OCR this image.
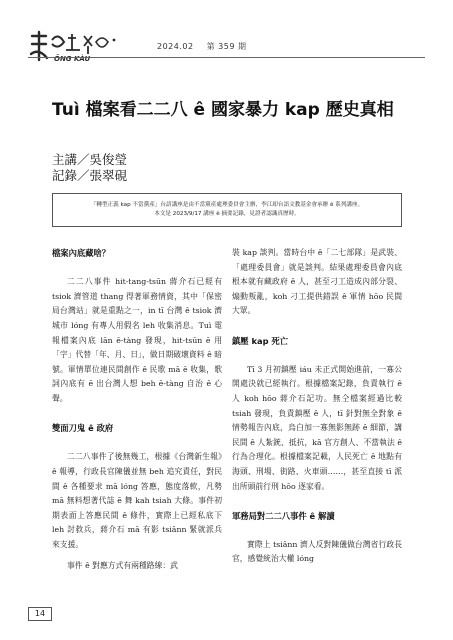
ÔNG KÀU
2024.02 第 359 期
Tuì 檔案看二二八 ê 國家暴力 kap 歷史真相
主講／吳俊瑩
記錄／張翠硯
「轉型正義 kap 不當黨產」台語講座是由不當黨產處理委員會主辦，李江却台語文教基金會承辦 ê 系列講座。
本文是 2023/9/17 講座 ê 摘要記錄，見證者認識真歷時。
檔案內底藏啥？

二二八事件 hit-tang-tsūn 蔣介石已經有 tsiok 濟管道 thang 得著軍務情資，其中「保密局台灣站」就是重點之一，in tī 台灣 ê tsiok 濟城市 lóng 有專人用假名 leh 收集消息。Tuì 電報檔案內底 lān ē-tàng 發現，hit-tsūn ē 用「字」代替「年、月、日」，做日期破壞資料 ê 暗號。軍情單位連民間創作 ê 民歌 mā ē 收集，歌詞內底有 ē 出台灣人想 beh ē-tàng 自治 ê 心聲。

雙面刀鬼 ê 政府

二二八事件了後無幾工，根據《台灣新生報》ê 報導，行政長官陳儀並無 beh 追究責任，對民間 ê 各種要求 mā lóng 答應，態度落軟，凡勢 mā 無料想著代誌 ē 舞 kah tsiah 大條。事件初期表面上答應民間 ê 條件，實際上已經私底下 leh 討救兵，蔣介石 mā 有影 tsiânn 緊就派兵來支援。

事件 ê 對應方式有兩種路線：武

裝 kap 談判。當時台中 ê「二七部隊」是武裝、「處理委員會」就是談判。結果處理委員會內底根本就有藏政府 ê 人，甚至刁工造成內部分裂、煽動叛亂，koh 刁工提供錯誤 ê 軍情 hōo 民間大眾。

鎮壓 kap 死亡

Tī 3 月初鎮壓 iáu 未正式開始進前，一寡公開處決就已經執行。根據檔案記錄，負責執行 ê 人 koh hōo 蔣介石記功。無仝檔案經過比較 tsiah 發現，負責鎮壓 ê 人，tī 針對無全對象 ê 情勢報告內底，烏白加一寡無影無跡 ê 細節，講民間 ê 人紮銃、抵抗，kā 官方創人、不當執法 ê 行為合理化。根據檔案記載，人民死亡 ê 地點有海頭、刑場、街路、火車頭……，甚至直接 tī 派出所頭前行刑 hōo 逐家看。

軍務局對二二八事件 ê 解讀

實際上 tsiânn 濟人反對陳儀做台灣省行政長官，感覺統治大權 lóng

14
